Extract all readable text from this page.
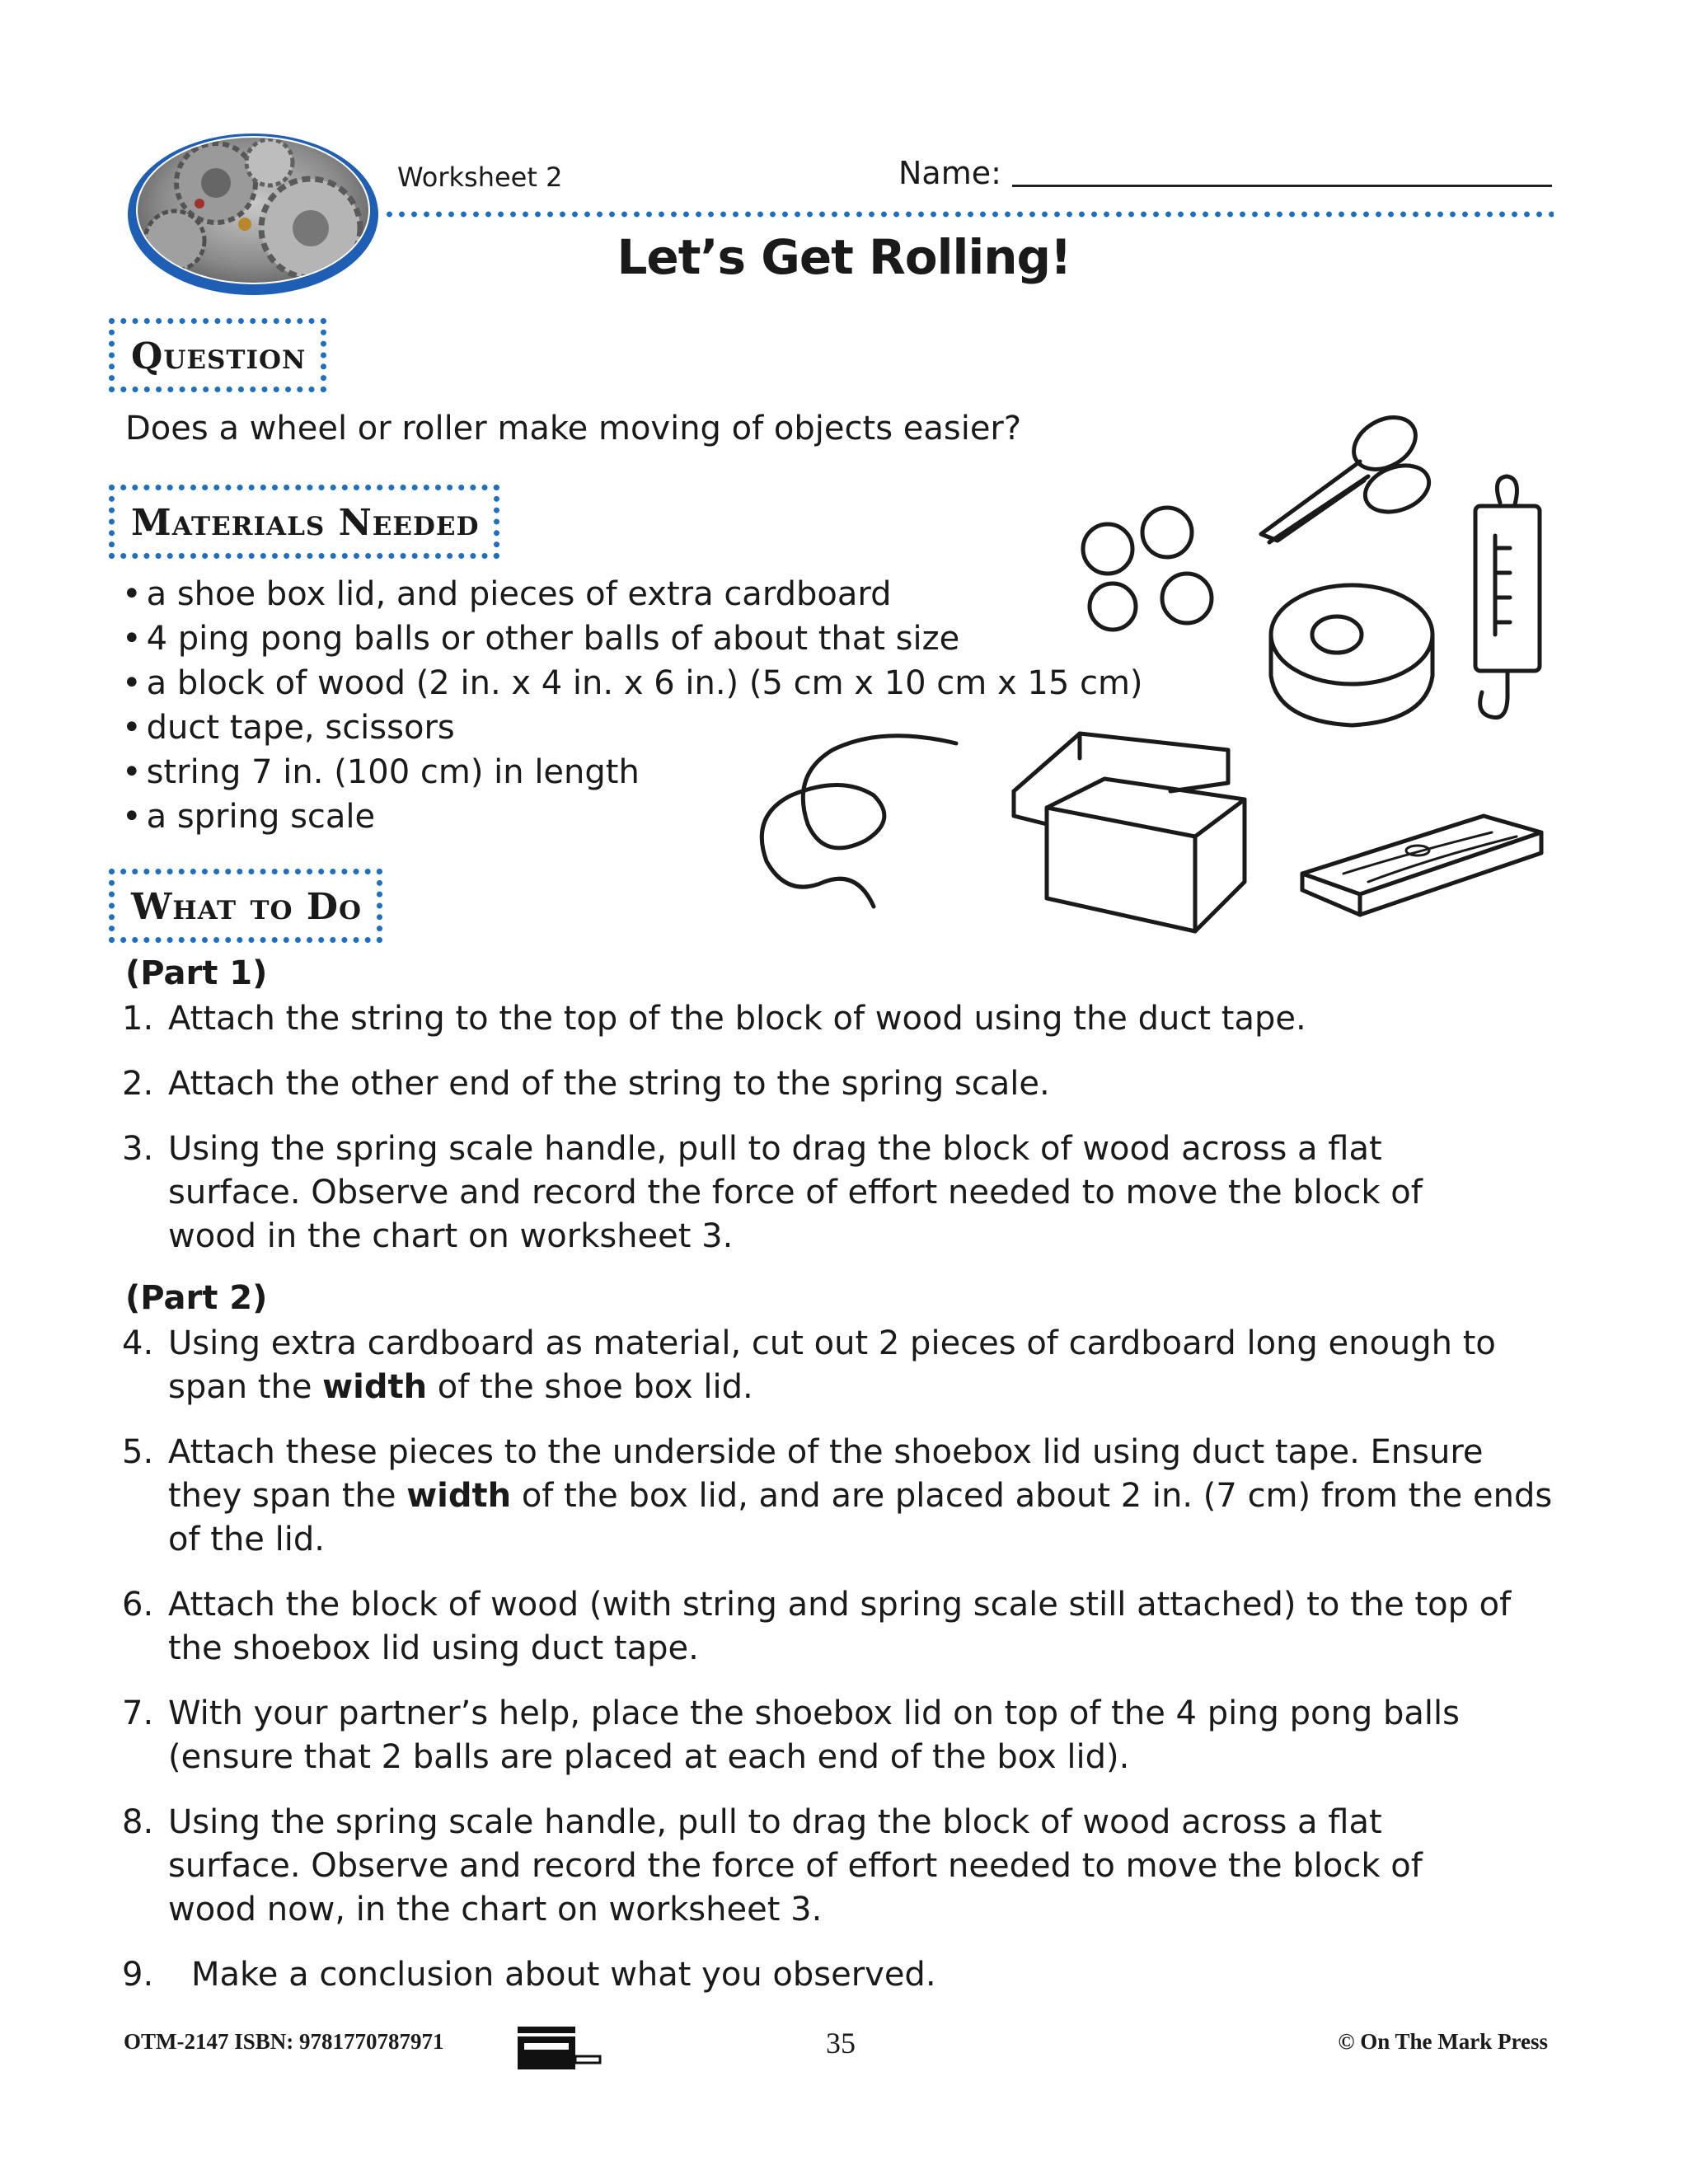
Worksheet 2	Name:
Let’s Get Rolling!
Question
Does a wheel or roller make moving of objects easier?
Materials Needed
• a shoe box lid, and pieces of extra cardboard
• 4 ping pong balls or other balls of about that size
• a block of wood (2 in. x 4 in. x 6 in.) (5 cm x 10 cm x 15 cm)
• duct tape, scissors
• string 7 in. (100 cm) in length
• a spring scale
What to Do
(Part 1)
1. Attach the string to the top of the block of wood using the duct tape.
2. Attach the other end of the string to the spring scale.
3. Using the spring scale handle, pull to drag the block of wood across a flat surface. Observe and record the force of effort needed to move the block of wood in the chart on worksheet 3.
(Part 2)
4. Using extra cardboard as material, cut out 2 pieces of cardboard long enough to span the width of the shoe box lid.
5. Attach these pieces to the underside of the shoebox lid using duct tape. Ensure they span the width of the box lid, and are placed about 2 in. (7 cm) from the ends of the lid.
6. Attach the block of wood (with string and spring scale still attached) to the top of the shoebox lid using duct tape.
7. With your partner’s help, place the shoebox lid on top of the 4 ping pong balls (ensure that 2 balls are placed at each end of the box lid).
8. Using the spring scale handle, pull to drag the block of wood across a flat surface. Observe and record the force of effort needed to move the block of wood now, in the chart on worksheet 3.
9.	Make a conclusion about what you observed.
OTM-2147 ISBN: 9781770787971	35	© On The Mark Press
